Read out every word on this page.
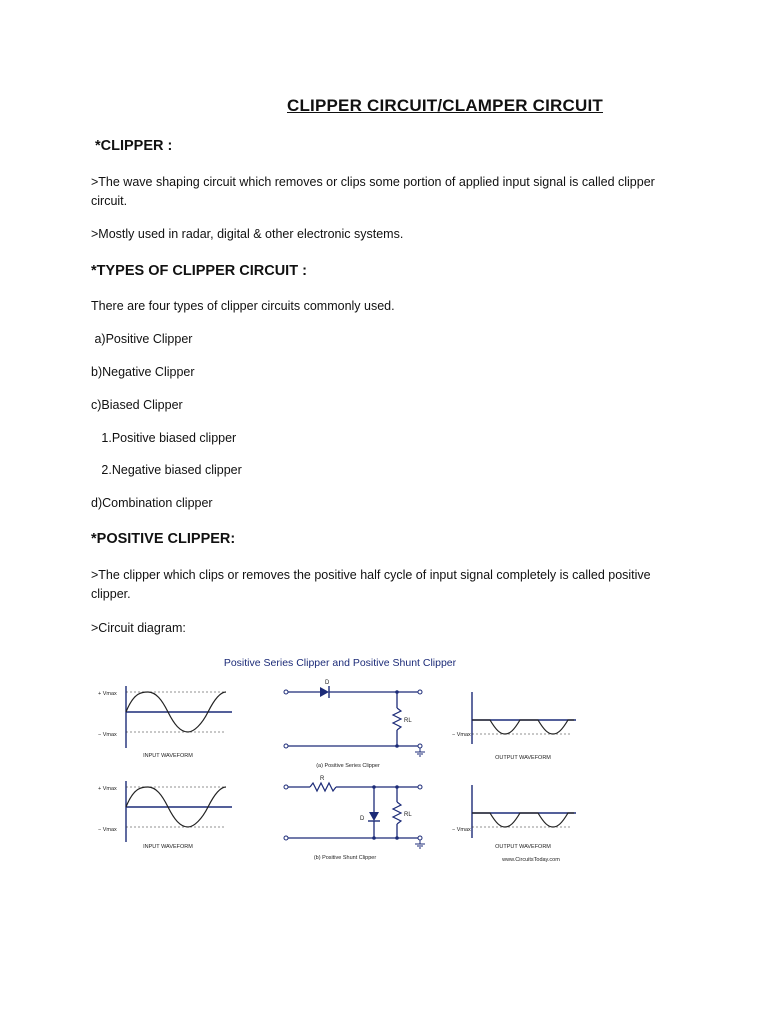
CLIPPER CIRCUIT/CLAMPER CIRCUIT
*CLIPPER :
>The wave shaping circuit which removes or clips some portion of applied input signal is called clipper circuit.
>Mostly used in radar, digital & other electronic systems.
*TYPES OF CLIPPER CIRCUIT :
There are four types of clipper circuits commonly used.
a)Positive Clipper
b)Negative Clipper
c)Biased Clipper
1.Positive biased clipper
2.Negative biased clipper
d)Combination clipper
*POSITIVE CLIPPER:
>The clipper which clips or removes the positive half cycle of input signal completely is called positive clipper.
>Circuit diagram:
Positive Series Clipper and Positive Shunt Clipper
+ Vmax
− Vmax
INPUT WAVEFORM
D
RL
(a) Positive Series Clipper
− Vmax
OUTPUT WAVEFORM
+ Vmax
− Vmax
INPUT WAVEFORM
R
D
RL
(b) Positive Shunt Clipper
− Vmax
OUTPUT WAVEFORM
www.CircuitsToday.com
